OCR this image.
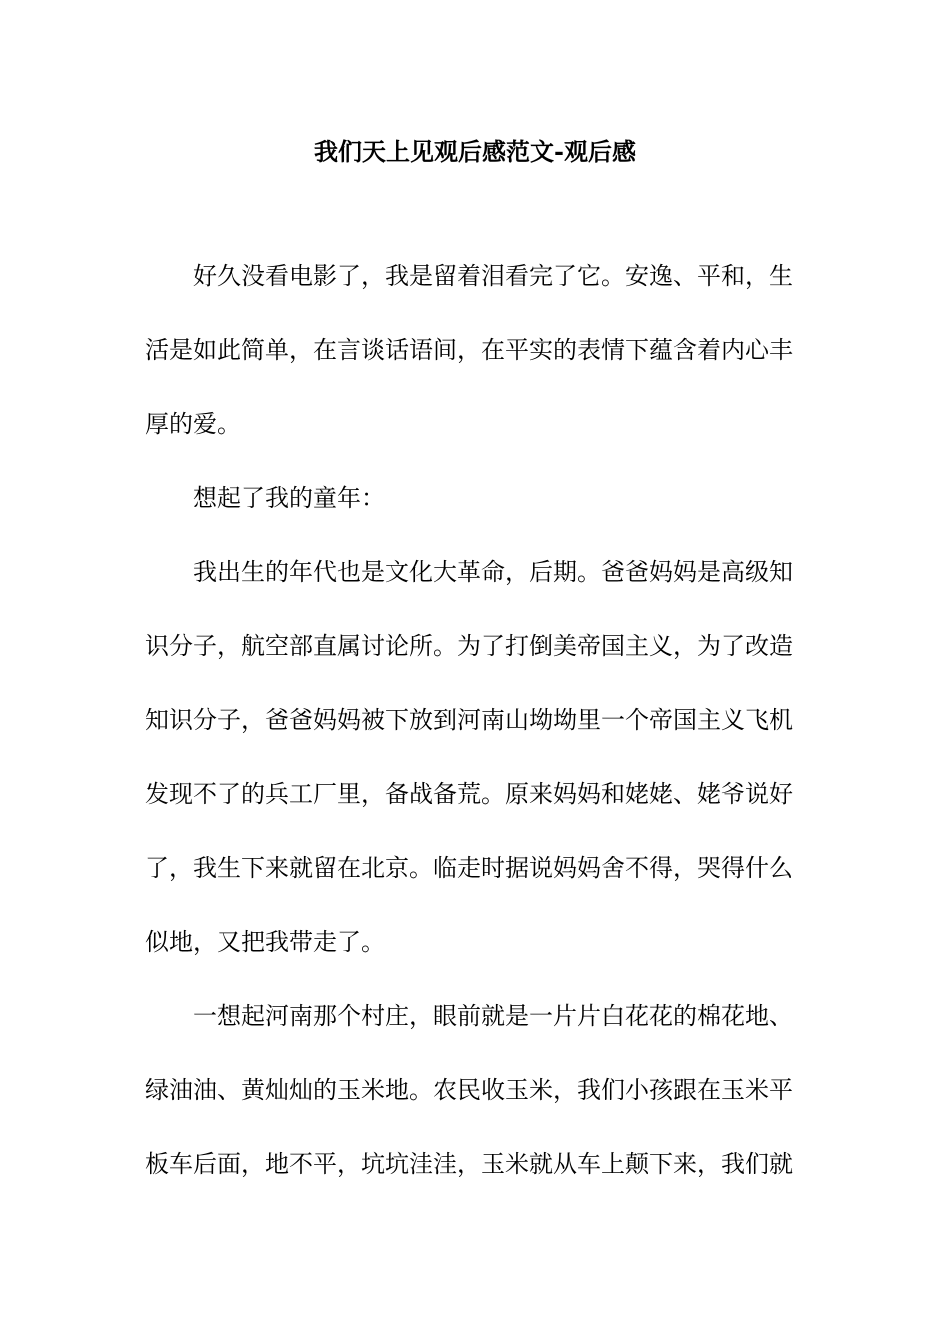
我们天上见观后感范文-观后感
好久没看电影了，我是留着泪看完了它。安逸、平和，生
活是如此简单，在言谈话语间，在平实的表情下蕴含着内心丰
厚的爱。
想起了我的童年：
我出生的年代也是文化大革命，后期。爸爸妈妈是高级知
识分子，航空部直属讨论所。为了打倒美帝国主义，为了改造
知识分子，爸爸妈妈被下放到河南山坳坳里一个帝国主义飞机
发现不了的兵工厂里，备战备荒。原来妈妈和姥姥、姥爷说好
了，我生下来就留在北京。临走时据说妈妈舍不得，哭得什么
似地，又把我带走了。
一想起河南那个村庄，眼前就是一片片白花花的棉花地、
绿油油、黄灿灿的玉米地。农民收玉米，我们小孩跟在玉米平
板车后面，地不平，坑坑洼洼，玉米就从车上颠下来，我们就
